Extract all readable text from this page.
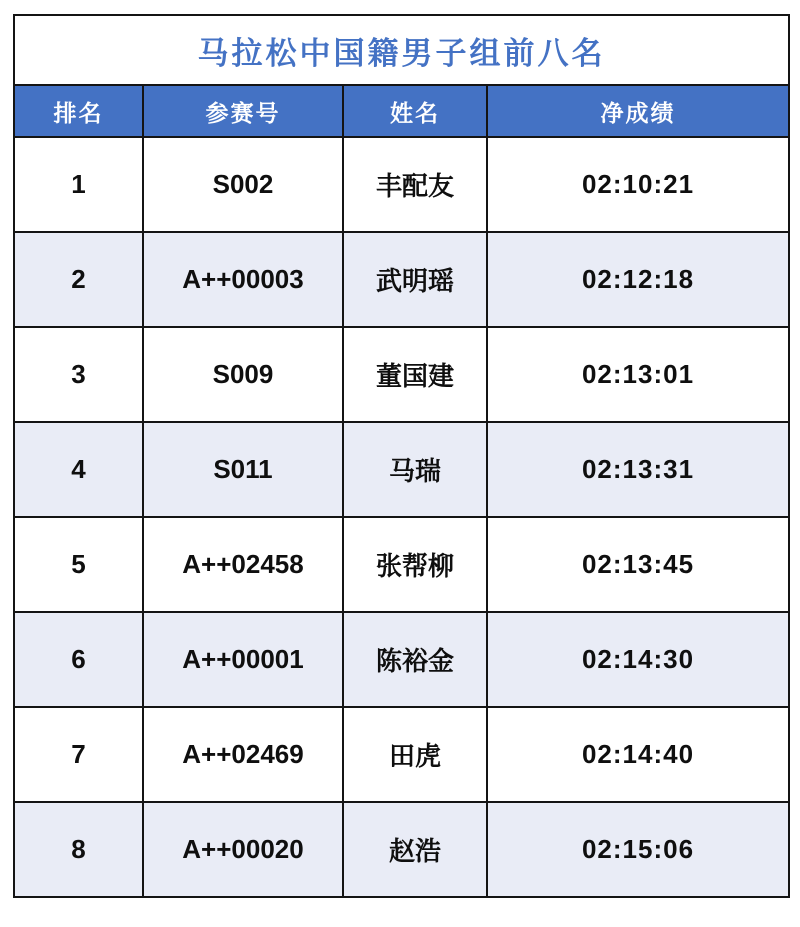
马拉松中国籍男子组前八名			
排名	参赛号	姓名	净成绩
1	S002	丰配友	02:10:21
2	A++00003	武明瑶	02:12:18
3	S009	董国建	02:13:01
4	S011	马瑞	02:13:31
5	A++02458	张帮柳	02:13:45
6	A++00001	陈裕金	02:14:30
7	A++02469	田虎	02:14:40
8	A++00020	赵浩	02:15:06
